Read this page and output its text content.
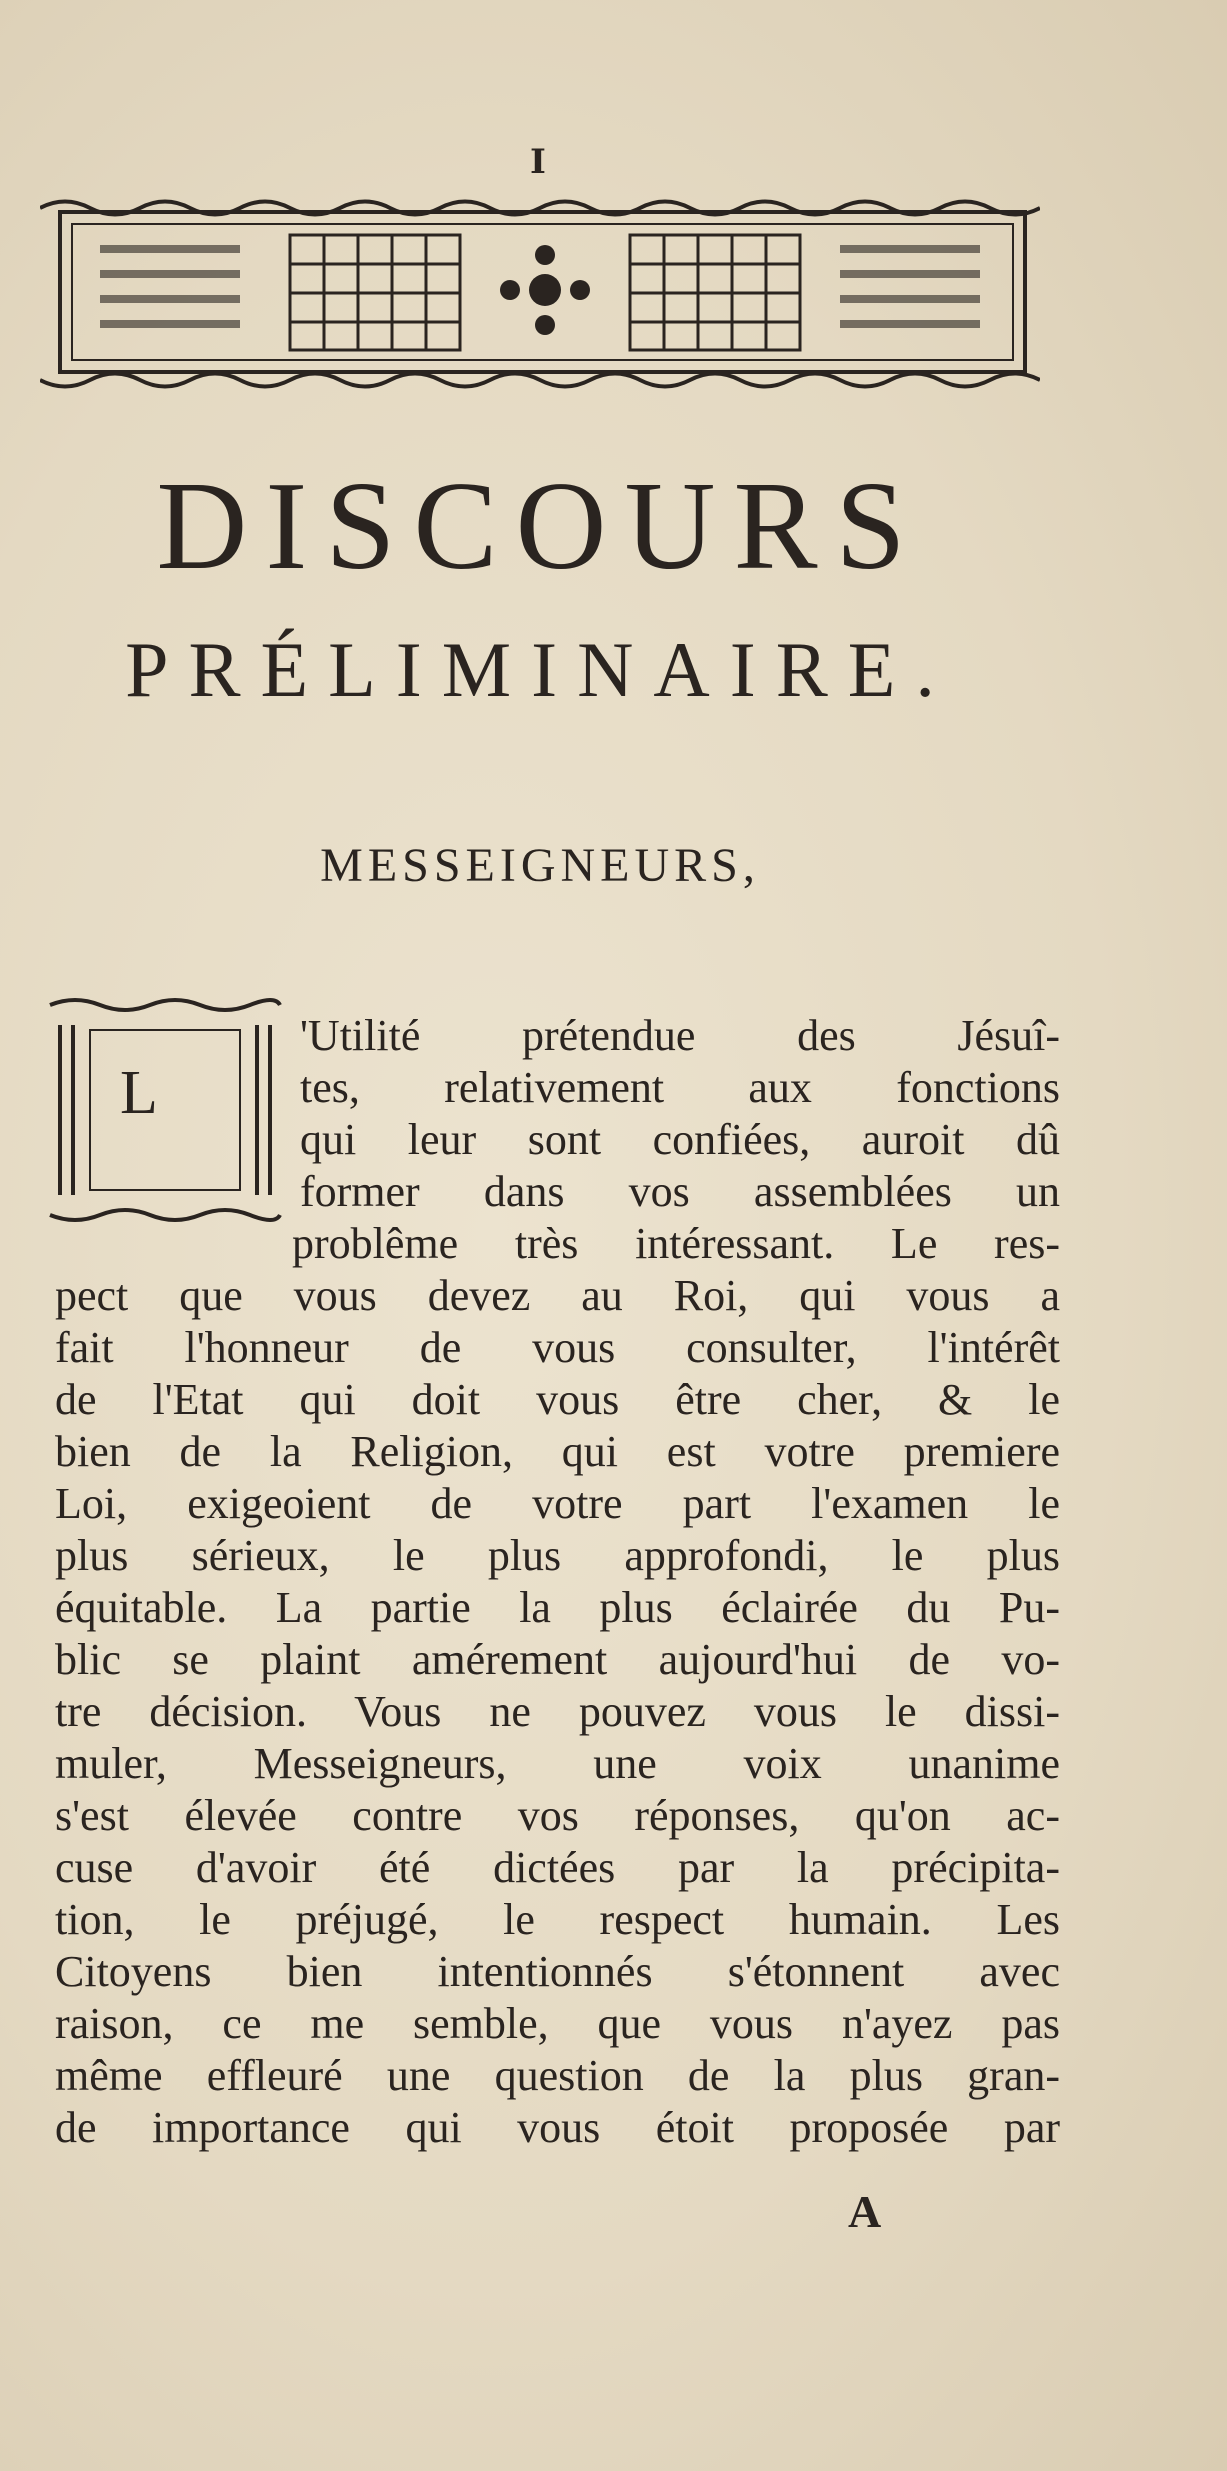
I
DISCOURS
PRÉLIMINAIRE.
MESSEIGNEURS,
L
'Utilité prétendue des Jésuî-
tes, relativement aux fonctions
qui leur sont confiées, auroit dû
former dans vos assemblées un
problême très intéressant. Le res-
pect que vous devez au Roi, qui vous a
fait l'honneur de vous consulter, l'intérêt
de l'Etat qui doit vous être cher, & le
bien de la Religion, qui est votre premiere
Loi, exigeoient de votre part l'examen le
plus sérieux, le plus approfondi, le plus
équitable. La partie la plus éclairée du Pu-
blic se plaint amérement aujourd'hui de vo-
tre décision. Vous ne pouvez vous le dissi-
muler, Messeigneurs, une voix unanime
s'est élevée contre vos réponses, qu'on ac-
cuse d'avoir été dictées par la précipita-
tion, le préjugé, le respect humain. Les
Citoyens bien intentionnés s'étonnent avec
raison, ce me semble, que vous n'ayez pas
même effleuré une question de la plus gran-
de importance qui vous étoit proposée par
A
